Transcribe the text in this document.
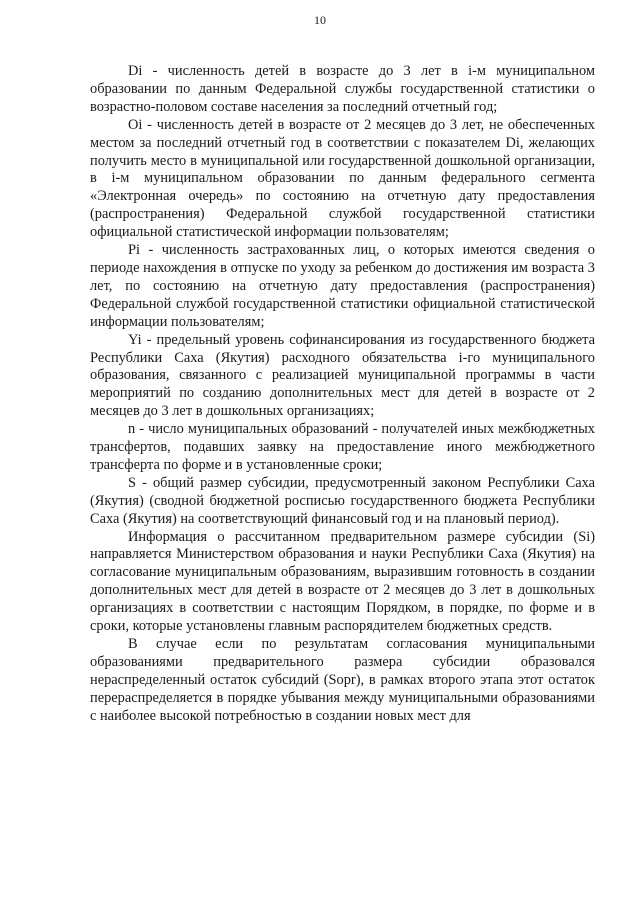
10

Di - численность детей в возрасте до 3 лет в i-м муниципальном образовании по данным Федеральной службы государственной статистики о возрастно-половом составе населения за последний отчетный год;

Oi - численность детей в возрасте от 2 месяцев до 3 лет, не обеспеченных местом за последний отчетный год в соответствии с показателем Di, желающих получить место в муниципальной или государственной дошкольной организации, в i-м муниципальном образовании по данным федерального сегмента «Электронная очередь» по состоянию на отчетную дату предоставления (распространения) Федеральной службой государственной статистики официальной статистической информации пользователям;

Pi - численность застрахованных лиц, о которых имеются сведения о периоде нахождения в отпуске по уходу за ребенком до достижения им возраста 3 лет, по состоянию на отчетную дату предоставления (распространения) Федеральной службой государственной статистики официальной статистической информации пользователям;

Yi - предельный уровень софинансирования из государственного бюджета Республики Саха (Якутия) расходного обязательства i-го муниципального образования, связанного с реализацией муниципальной программы в части мероприятий по созданию дополнительных мест для детей в возрасте от 2 месяцев до 3 лет в дошкольных организациях;

n - число муниципальных образований - получателей иных межбюджетных трансфертов, подавших заявку на предоставление иного межбюджетного трансферта по форме и в установленные сроки;

S - общий размер субсидии, предусмотренный законом Республики Саха (Якутия) (сводной бюджетной росписью государственного бюджета Республики Саха (Якутия) на соответствующий финансовый год и на плановый период).

Информация о рассчитанном предварительном размере субсидии (Si) направляется Министерством образования и науки Республики Саха (Якутия) на согласование муниципальным образованиям, выразившим готовность в создании дополнительных мест для детей в возрасте от 2 месяцев до 3 лет в дошкольных организациях в соответствии с настоящим Порядком, в порядке, по форме и в сроки, которые установлены главным распорядителем бюджетных средств.

В случае если по результатам согласования муниципальными образованиями предварительного размера субсидии образовался нераспределенный остаток субсидий (Sopr), в рамках второго этапа этот остаток перераспределяется в порядке убывания между муниципальными образованиями с наиболее высокой потребностью в создании новых мест для
